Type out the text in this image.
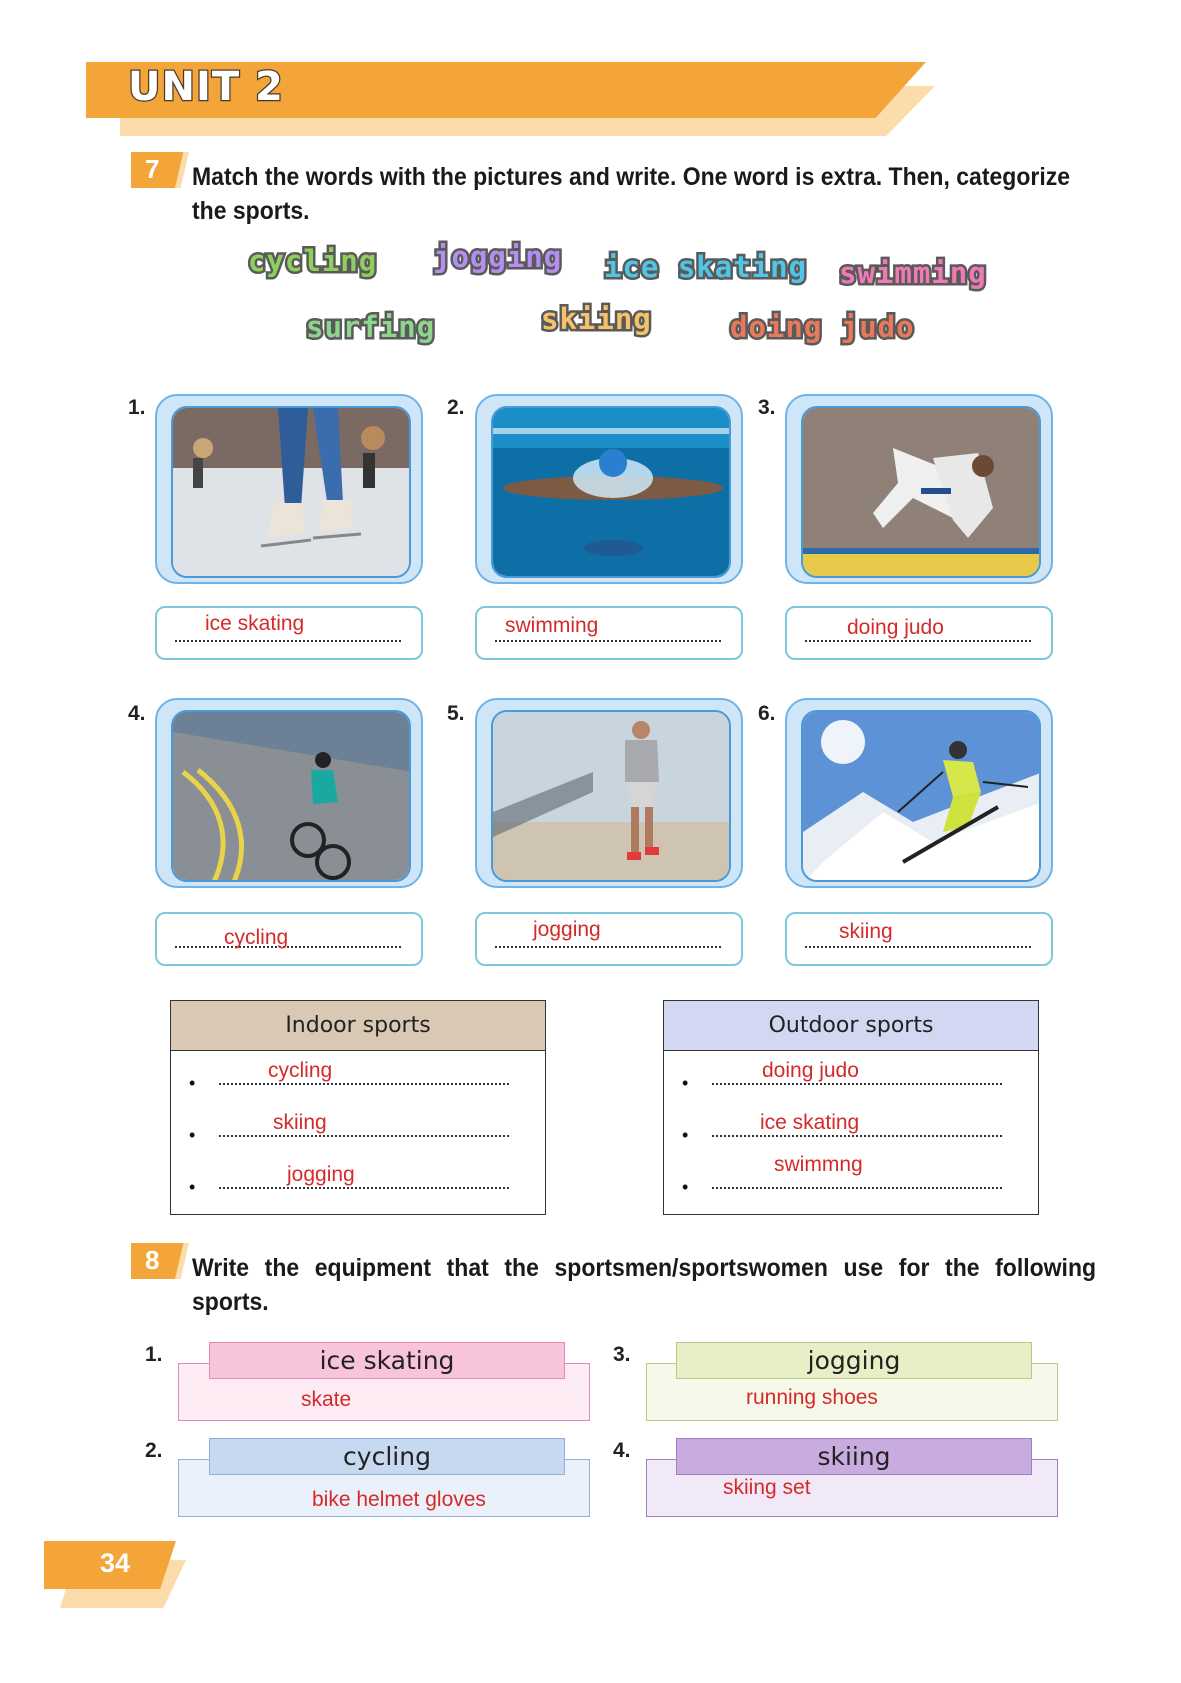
UNIT 2
7 Match the words with the pictures and write. One word is extra. Then, categorize
the sports.
cycling jogging ice skating swimming
surfing	skiing	doing judo
1.
ice skating
2.
swimming
3.
doing judo
4.
cycling
5.
jogging
6.
skiing
Indoor sports
•
cycling
•
skiing
•
jogging
Outdoor sports
•
doing judo
•
ice skating
•
swimmng
8 Write the equipment that the sportsmen/sportswomen use for the following
sports.
1.
skate
ice skating
2.
bike helmet gloves
cycling
3.
running shoes
jogging
4.
skiing set
skiing
34
